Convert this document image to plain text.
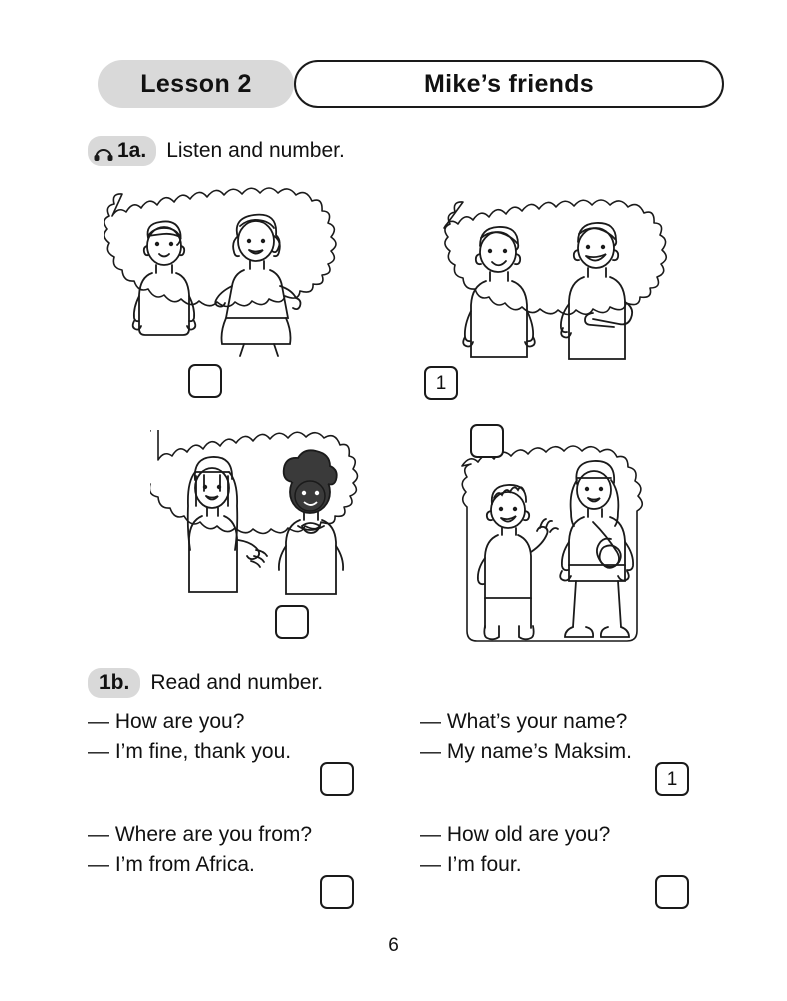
Lesson 2	Mike’s friends
1a. Listen and number.
1
1b. Read and number.
— How are you?
— I’m fine, thank you.
— What’s your name?
— My name’s Maksim.
1
— Where are you from?
— I’m from Africa.
— How old are you?
— I’m four.
6
